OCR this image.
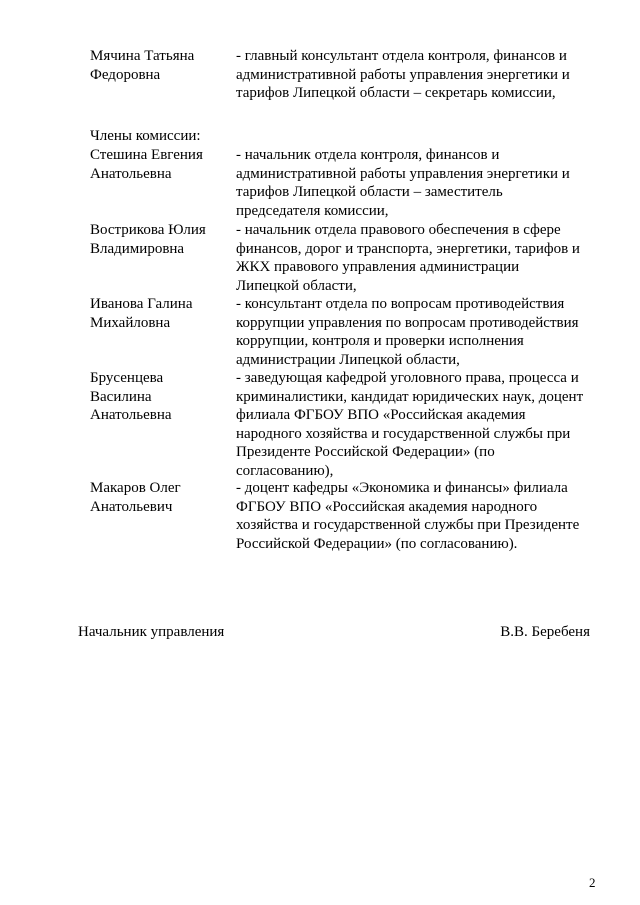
Мячина Татьяна
Федоровна
- главный консультант отдела контроля, финансов и
административной работы управления энергетики и
тарифов Липецкой области – секретарь комиссии,
Члены комиссии:
Стешина Евгения
Анатольевна
- начальник отдела контроля, финансов и
административной работы управления энергетики и
тарифов Липецкой области – заместитель
председателя комиссии,
Вострикова Юлия
Владимировна
- начальник отдела правового обеспечения в сфере
финансов, дорог и транспорта, энергетики, тарифов и
ЖКХ правового управления администрации
Липецкой области,
Иванова Галина
Михайловна
- консультант отдела по вопросам противодействия
коррупции управления по вопросам противодействия
коррупции, контроля и проверки исполнения
администрации Липецкой области,
Брусенцева
Василина
Анатольевна
- заведующая кафедрой уголовного права, процесса и
криминалистики, кандидат юридических наук, доцент
филиала ФГБОУ ВПО «Российская академия
народного хозяйства и государственной службы при
Президенте Российской Федерации» (по
согласованию),
Макаров Олег
Анатольевич
- доцент кафедры «Экономика и финансы» филиала
ФГБОУ ВПО «Российская академия народного
хозяйства и государственной службы при Президенте
Российской Федерации» (по согласованию).
Начальник управления	В.В. Беребеня
2
